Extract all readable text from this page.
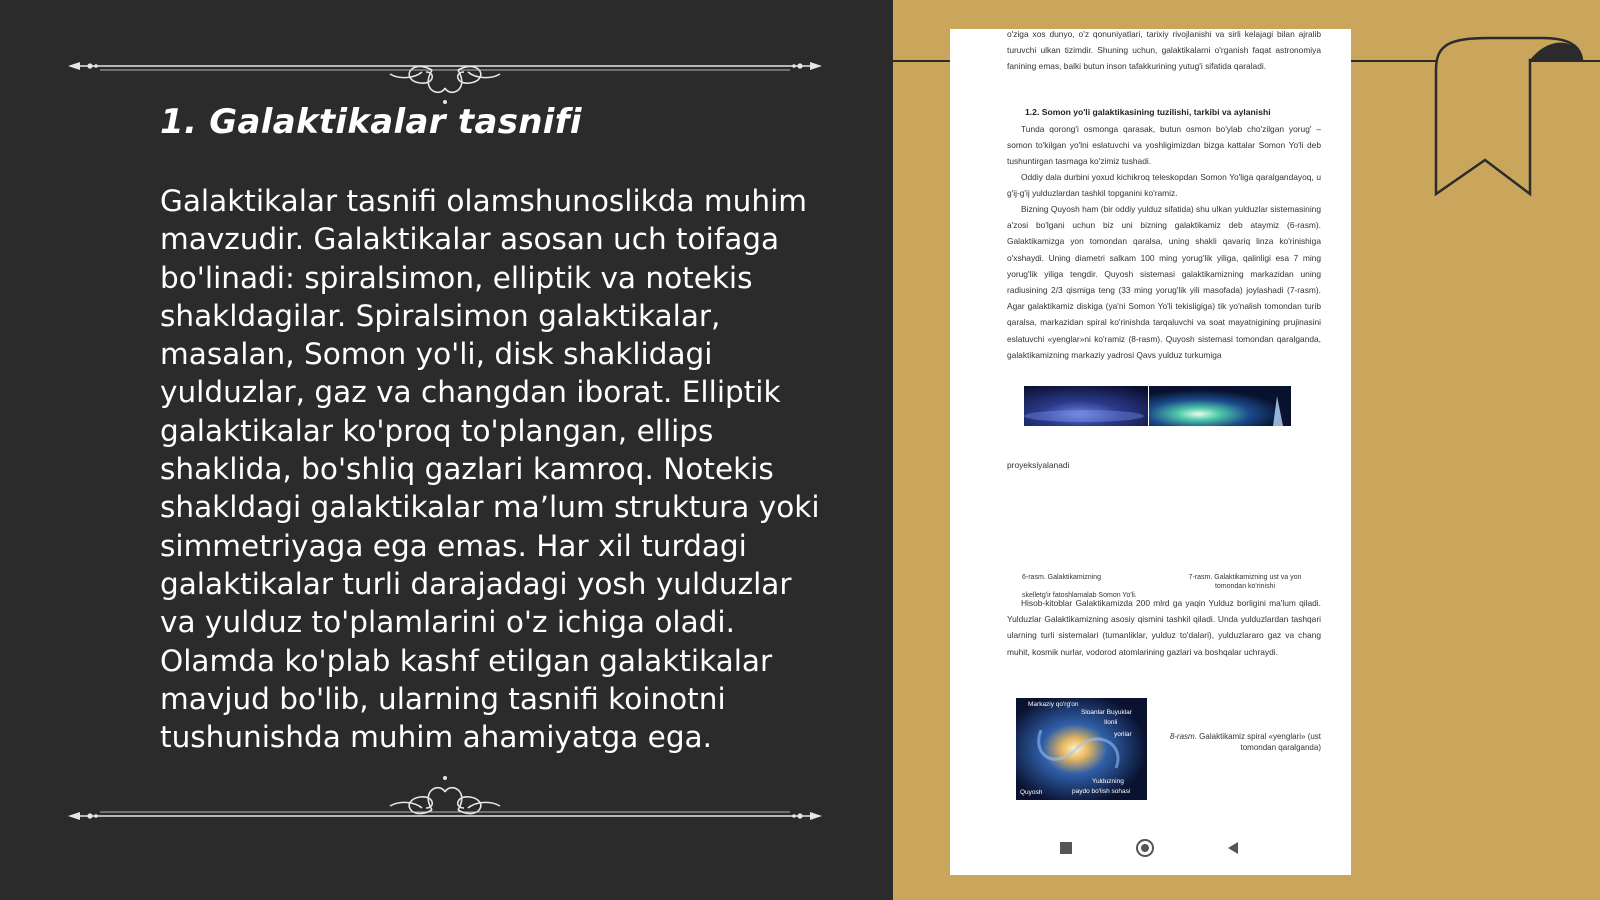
1. Galaktikalar tasnifi

Galaktikalar tasnifi olamshunoslikda muhim mavzudir. Galaktikalar asosan uch toifaga bo'linadi: spiralsimon, elliptik va notekis shakldagilar. Spiralsimon galaktikalar, masalan, Somon yo'li, disk shaklidagi yulduzlar, gaz va changdan iborat. Elliptik galaktikalar ko'proq to'plangan, ellips shaklida, bo'shliq gazlari kamroq. Notekis shakldagi galaktikalar ma’lum struktura yoki simmetriyaga ega emas. Har xil turdagi galaktikalar turli darajadagi yosh yulduzlar va yulduz to'plamlarini o'z ichiga oladi. Olamda ko'plab kashf etilgan galaktikalar mavjud bo'lib, ularning tasnifi koinotni tushunishda muhim ahamiyatga ega.

o'ziga xos dunyo, o'z qonuniyatlari, tarixiy rivojlanishi va sirli kelajagi bilan ajralib turuvchi ulkan tizimdir. Shuning uchun, galaktikalarni o'rganish faqat astronomiya fanining emas, balki butun inson tafakkurining yutug'i sifatida qaraladi.

1.2. Somon yo'li galaktikasining tuzilishi, tarkibi va aylanishi

Tunda qorong'i osmonga qarasak, butun osmon bo'ylab cho'zilgan yorug' – somon to'kilgan yo'lni eslatuvchi va yoshligimizdan bizga kattalar Somon Yo'li deb tushuntirgan tasmaga ko'zimiz tushadi.

Oddiy dala durbini yoxud kichikroq teleskopdan Somon Yo'liga qaralgandayoq, u g'ij-g'ij yulduzlardan tashkil topganini ko'ramiz.

Bizning Quyosh ham (bir oddiy yulduz sifatida) shu ulkan yulduzlar sistemasining a'zosi bo'lgani uchun biz uni bizning galaktikamiz deb ataymiz (6-rasm). Galaktikamizga yon tomondan qaralsa, uning shakli qavariq linza ko'rinishiga o'xshaydi. Uning diametri salkam 100 ming yorug'lik yiliga, qalinligi esa 7 ming yorug'lik yiliga tengdir. Quyosh sistemasi galaktikamizning markazidan uning radiusining 2/3 qismiga teng (33 ming yorug'lik yili masofada) joylashadi (7-rasm). Agar galaktikamiz diskiga (ya'ni Somon Yo'li tekisligiga) tik yo'nalish tomondan turib qaralsa, markazidan spiral ko'rinishda tarqaluvchi va soat mayatnigining prujinasini eslatuvchi «yenglar»ni ko'ramiz (8-rasm). Quyosh sistemasi tomondan qaralganda, galaktikamizning markaziy yadrosi Qavs yulduz turkumiga

proyeksiyalanadi

6-rasm. Galaktikamizning

skelletg'ir fatoshlamalab Somon Yo'li.

7-rasm. Galaktikamizning ust va yon tomondan ko'rinishi

Hisob-kitoblar Galaktikamizda 200 mlrd ga yaqin Yulduz borligini ma'lum qiladi. Yulduzlar Galaktikamizning asosiy qismini tashkil qiladi. Unda yulduzlardan tashqari ularning turli sistemalari (tumanliklar, yulduz to'dalari), yulduzlararo gaz va chang muhit, kosmik nurlar, vodorod atomlarining gazlari va boshqalar uchraydi.

Markaziy qo'rg'on
Sloanlar Buyuklar
Ilonli
yorilar
Quyosh
Yulduzning
paydo bo'lish sohasi

8-rasm. Galaktikamiz spiral «yenglari» (ust tomondan qaralganda)
